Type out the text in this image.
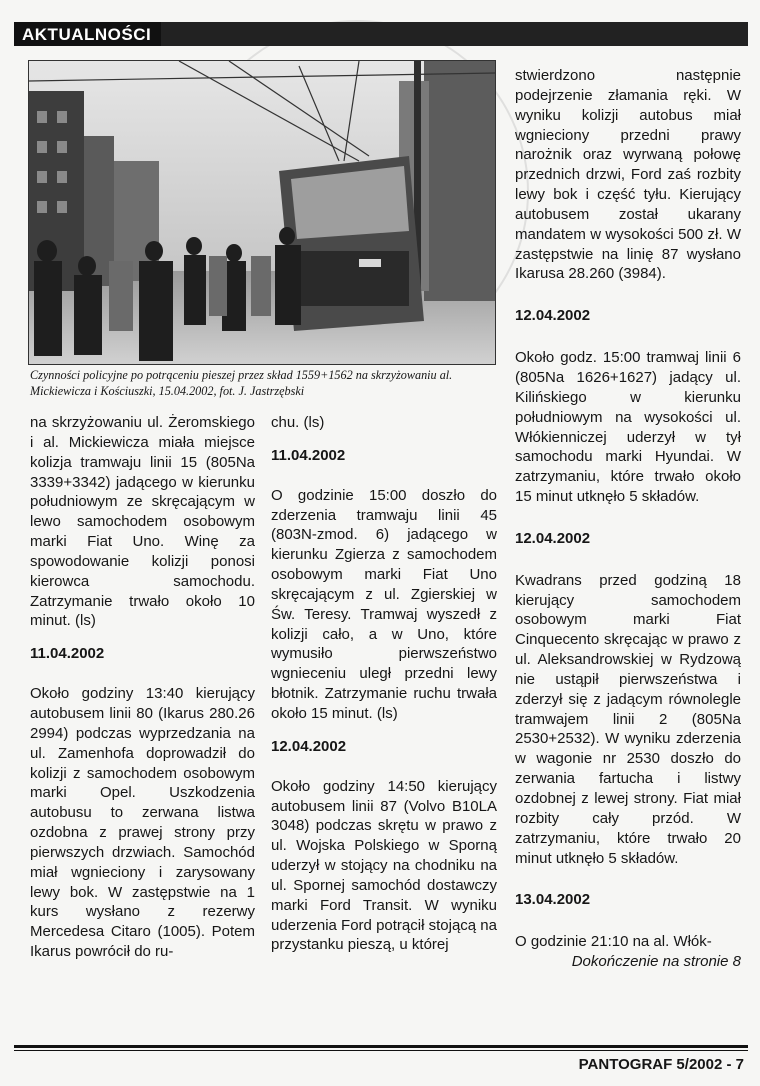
AKTUALNOŚCI
Czynności policyjne po potrąceniu pieszej przez skład 1559+1562 na skrzyżowaniu al. Mickiewicza i Kościuszki, 15.04.2002, fot. J. Jastrzębski

na skrzyżowaniu ul. Żeromskiego i al. Mickiewicza miała miejsce kolizja tramwaju linii 15 (805Na 3339+3342) jadącego w kierunku południowym ze skręcającym w lewo samochodem osobowym marki Fiat Uno. Winę za spowodowanie kolizji ponosi kierowca samochodu. Zatrzymanie trwało około 10 minut. (ls)

11.04.2002

Około godziny 13:40 kierujący autobusem linii 80 (Ikarus 280.26 2994) podczas wyprzedzania na ul. Zamenhofa doprowadził do kolizji z samochodem osobowym marki Opel. Uszkodzenia autobusu to zerwana listwa ozdobna z prawej strony przy pierwszych drzwiach. Samochód miał wgnieciony i zarysowany lewy bok. W zastępstwie na 1 kurs wysłano z rezerwy Mercedesa Citaro (1005). Potem Ikarus powrócił do ru-

chu. (ls)

11.04.2002

O godzinie 15:00 doszło do zderzenia tramwaju linii 45 (803N-zmod. 6) jadącego w kierunku Zgierza z samochodem osobowym marki Fiat Uno skręcającym z ul. Zgierskiej w Św. Teresy. Tramwaj wyszedł z kolizji cało, a w Uno, które wymusiło pierwszeństwo wgnieceniu uległ przedni lewy błotnik. Zatrzymanie ruchu trwała około 15 minut. (ls)

12.04.2002

Około godziny 14:50 kierujący autobusem linii 87 (Volvo B10LA 3048) podczas skrętu w prawo z ul. Wojska Polskiego w Sporną uderzył w stojący na chodniku na ul. Spornej samochód dostawczy marki Ford Transit. W wyniku uderzenia Ford potrącił stojącą na przystanku pieszą, u której

stwierdzono następnie podejrzenie złamania ręki. W wyniku kolizji autobus miał wgnieciony przedni prawy narożnik oraz wyrwaną połowę przednich drzwi, Ford zaś rozbity lewy bok i część tyłu. Kierujący autobusem został ukarany mandatem w wysokości 500 zł. W zastępstwie na linię 87 wysłano Ikarusa 28.260 (3984).

12.04.2002

Około godz. 15:00 tramwaj linii 6 (805Na 1626+1627) jadący ul. Kilińskiego w kierunku południowym na wysokości ul. Włókienniczej uderzył w tył samochodu marki Hyundai. W zatrzymaniu, które trwało około 15 minut utknęło 5 składów.

12.04.2002

Kwadrans przed godziną 18 kierujący samochodem osobowym marki Fiat Cinquecento skręcając w prawo z ul. Aleksandrowskiej w Rydzową nie ustąpił pierwszeństwa i zderzył się z jadącym równolegle tramwajem linii 2 (805Na 2530+2532). W wyniku zderzenia w wagonie nr 2530 doszło do zerwania fartucha i listwy ozdobnej z lewej strony. Fiat miał rozbity cały przód. W zatrzymaniu, które trwało 20 minut utknęło 5 składów.

13.04.2002

O godzinie 21:10 na al. Włók-

Dokończenie na stronie 8

PANTOGRAF 5/2002 - 7
